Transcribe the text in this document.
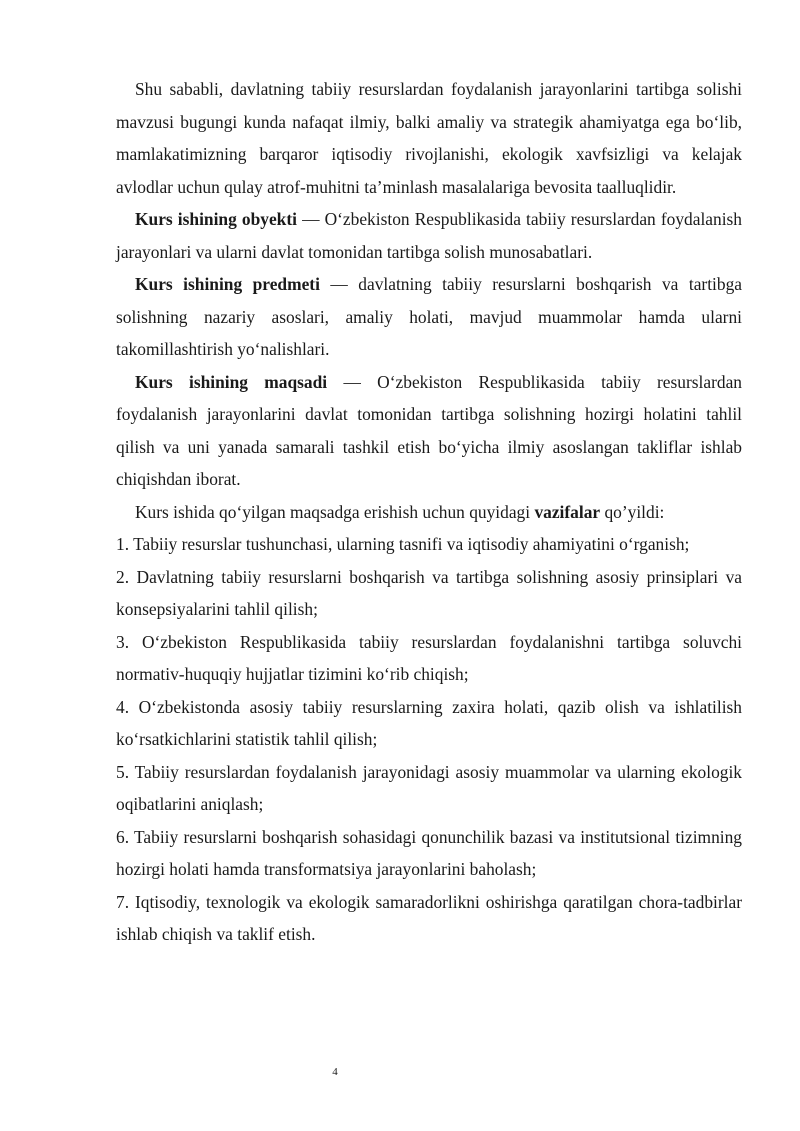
Shu sababli, davlatning tabiiy resurslardan foydalanish jarayonlarini tartibga solishi mavzusi bugungi kunda nafaqat ilmiy, balki amaliy va strategik ahamiyatga ega bo‘lib, mamlakatimizning barqaror iqtisodiy rivojlanishi, ekologik xavfsizligi va kelajak avlodlar uchun qulay atrof-muhitni ta’minlash masalalariga bevosita taalluqlidir.

Kurs ishining obyekti — O‘zbekiston Respublikasida tabiiy resurslardan foydalanish jarayonlari va ularni davlat tomonidan tartibga solish munosabatlari.

Kurs ishining predmeti — davlatning tabiiy resurslarni boshqarish va tartibga solishning nazariy asoslari, amaliy holati, mavjud muammolar hamda ularni takomillashtirish yo‘nalishlari.

Kurs ishining maqsadi — O‘zbekiston Respublikasida tabiiy resurslardan foydalanish jarayonlarini davlat tomonidan tartibga solishning hozirgi holatini tahlil qilish va uni yanada samarali tashkil etish bo‘yicha ilmiy asoslangan takliflar ishlab chiqishdan iborat.

Kurs ishida qo‘yilgan maqsadga erishish uchun quyidagi vazifalar qo’yildi:

1. Tabiiy resurslar tushunchasi, ularning tasnifi va iqtisodiy ahamiyatini o‘rganish;

2. Davlatning tabiiy resurslarni boshqarish va tartibga solishning asosiy prinsiplari va konsepsiyalarini tahlil qilish;

3. O‘zbekiston Respublikasida tabiiy resurslardan foydalanishni tartibga soluvchi normativ-huquqiy hujjatlar tizimini ko‘rib chiqish;

4. O‘zbekistonda asosiy tabiiy resurslarning zaxira holati, qazib olish va ishlatilish ko‘rsatkichlarini statistik tahlil qilish;

5. Tabiiy resurslardan foydalanish jarayonidagi asosiy muammolar va ularning ekologik oqibatlarini aniqlash;

6. Tabiiy resurslarni boshqarish sohasidagi qonunchilik bazasi va institutsional tizimning hozirgi holati hamda transformatsiya jarayonlarini baholash;

7. Iqtisodiy, texnologik va ekologik samaradorlikni oshirishga qaratilgan chora-tadbirlar ishlab chiqish va taklif etish.

4
